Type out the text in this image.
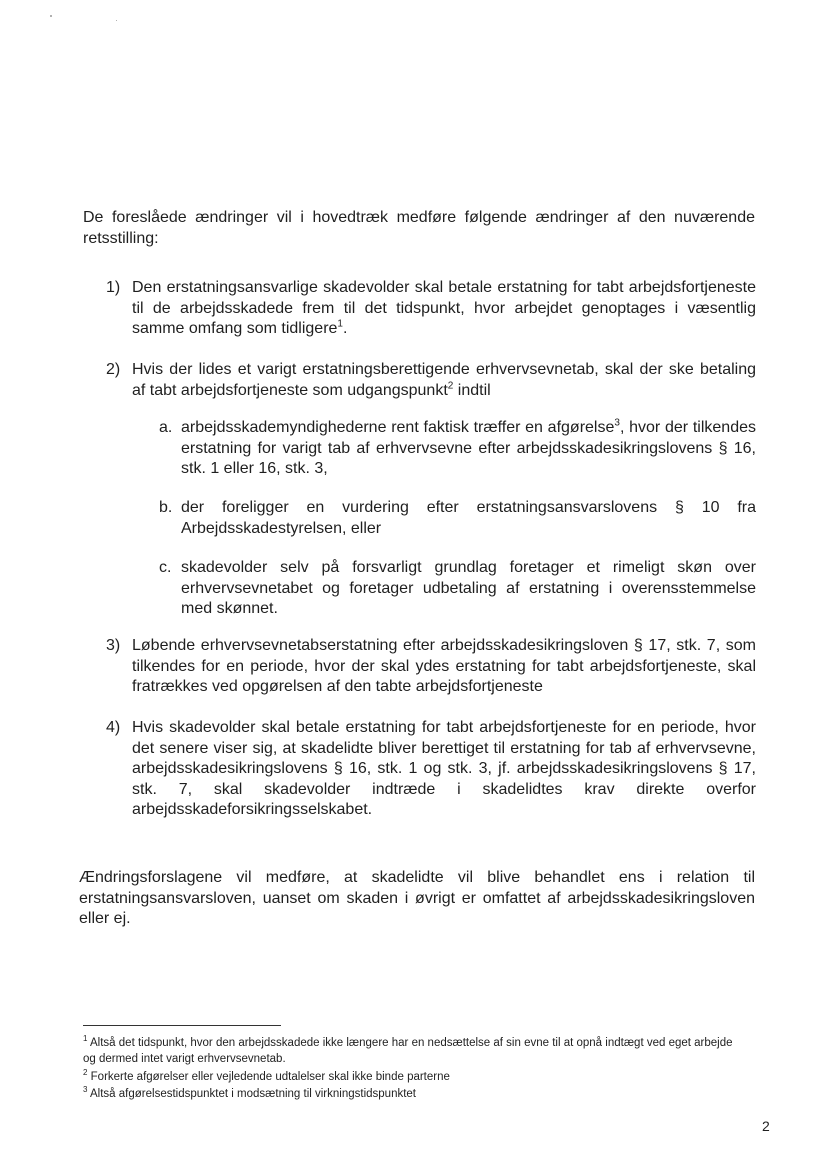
De foreslåede ændringer vil i hovedtræk medføre følgende ændringer af den nuværende retsstilling:
1) Den erstatningsansvarlige skadevolder skal betale erstatning for tabt arbejdsfortjeneste til de arbejdsskadede frem til det tidspunkt, hvor arbejdet genoptages i væsentlig samme omfang som tidligere$^1$.
2) Hvis der lides et varigt erstatningsberettigende erhvervsevnetab, skal der ske betaling af tabt arbejdsfortjeneste som udgangspunkt$^2$ indtil
a. arbejdsskademyndighederne rent faktisk træffer en afgørelse$^3$, hvor der tilkendes erstatning for varigt tab af erhvervsevne efter arbejdsskadesikringslovens § 16, stk. 1 eller 16, stk. 3,
b. der foreligger en vurdering efter erstatningsansvarslovens § 10 fra Arbejdsskadestyrelsen, eller
c. skadevolder selv på forsvarligt grundlag foretager et rimeligt skøn over erhvervsevnetabet og foretager udbetaling af erstatning i overensstemmelse med skønnet.
3) Løbende erhvervsevnetabserstatning efter arbejdsskadesikringsloven § 17, stk. 7, som tilkendes for en periode, hvor der skal ydes erstatning for tabt arbejdsfortjeneste, skal fratrækkes ved opgørelsen af den tabte arbejdsfortjeneste
4) Hvis skadevolder skal betale erstatning for tabt arbejdsfortjeneste for en periode, hvor det senere viser sig, at skadelidte bliver berettiget til erstatning for tab af erhvervsevne, arbejdsskadesikringslovens § 16, stk. 1 og stk. 3, jf. arbejdsskadesikringslovens § 17, stk. 7, skal skadevolder indtræde i skadelidtes krav direkte overfor arbejdsskadeforsikringsselskabet.
Ændringsforslagene vil medføre, at skadelidte vil blive behandlet ens i relation til erstatningsansvarsloven, uanset om skaden i øvrigt er omfattet af arbejdsskadesikringsloven eller ej.
$^1$ Altså det tidspunkt, hvor den arbejdsskadede ikke længere har en nedsættelse af sin evne til at opnå indtægt ved eget arbejde og dermed intet varigt erhvervsevnetab.
$^2$ Forkerte afgørelser eller vejledende udtalelser skal ikke binde parterne
$^3$ Altså afgørelsestidspunktet i modsætning til virkningstidspunktet
2
